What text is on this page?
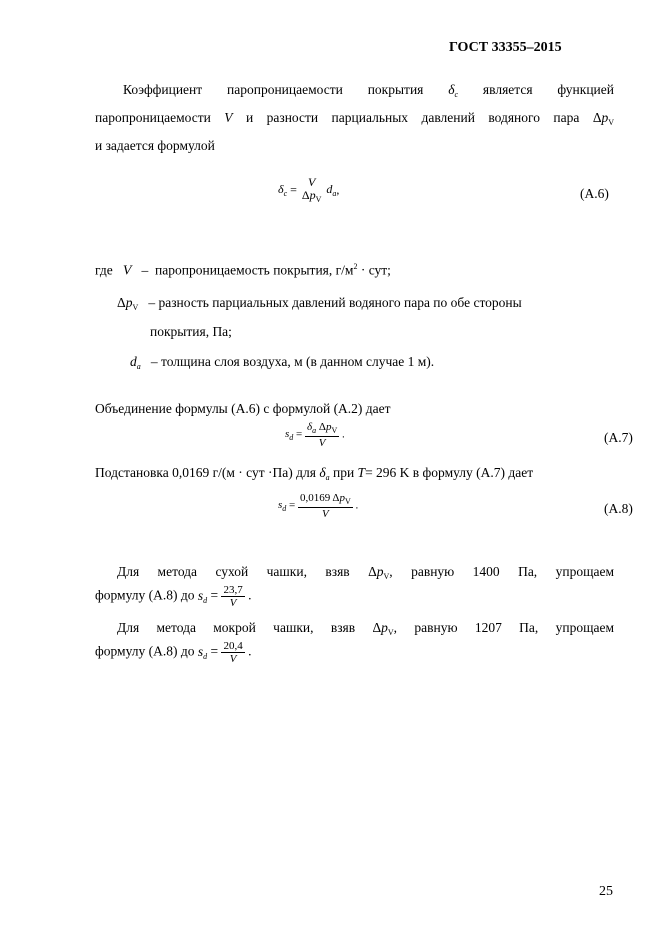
ГОСТ 33355–2015
Коэффициент паропроницаемости покрытия $\delta_c$ является функцией
паропроницаемости V и разности парциальных давлений водяного пара $\Delta p_V$
и задается формулой
$\delta_c$ =
V
$\Delta p_V$
$d_a$,	(A.6)
где V – паропроницаемость покрытия, $г/м^2$ · сут;
$\Delta p_V$ – разность парциальных давлений водяного пара по обе стороны
покрытия, Па;
$d_a$ – толщина слоя воздуха, м (в данном случае 1 м).
Объединение формулы (A.6) с формулой (A.2) дает
$s_d = \frac{\delta_a \Delta p_V}{V}$ .	(A.7)
Подстановка 0,0169 г/(м · сут ·Па) для $\delta_a$ при T= 296 K в формулу (A.7) дает
$s_d = \frac{0,0169 \Delta p_V}{V}$ .	(A.8)
Для метода сухой чашки, взяв $\Delta p_V$, равную 1400 Па, упрощаем
формулу (A.8) до $s_d = \frac{23,7}{V}$ .
Для метода мокрой чашки, взяв $\Delta p_V$, равную 1207 Па, упрощаем
формулу (A.8) до $s_d = \frac{20,4}{V}$ .
25
